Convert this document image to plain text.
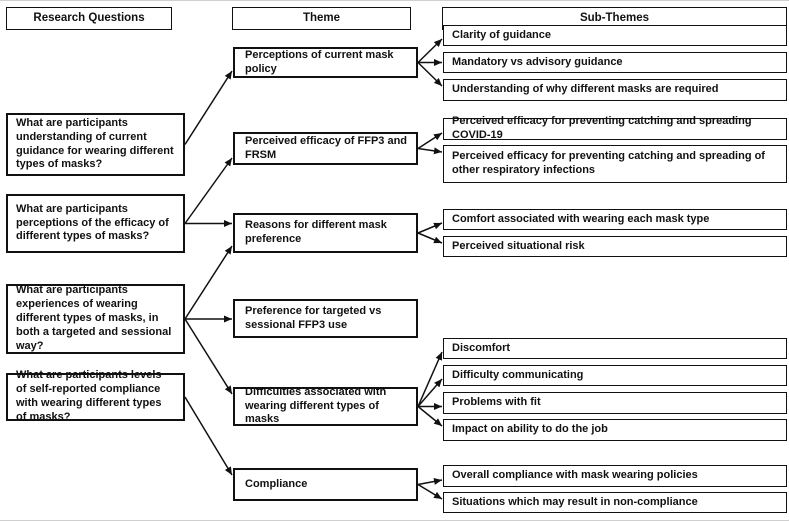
Research Questions	Theme	Sub-Themes
What are participants understanding of current guidance for wearing different types of masks?
What are participants perceptions of the efficacy of different types of masks?
What are participants experiences of wearing different types of masks, in both a targeted and sessional way?
What are participants levels of self-reported compliance with wearing different types of masks?
Perceptions of current mask policy
Perceived efficacy of FFP3 and FRSM
Reasons for different mask preference
Preference for targeted vs sessional FFP3 use
Difficulties associated with wearing different types of masks
Compliance
Clarity of guidance
Mandatory vs advisory guidance
Understanding of why different masks are required
Perceived efficacy for preventing catching and spreading COVID-19
Perceived efficacy for preventing catching and spreading of other respiratory infections
Comfort associated with wearing each mask type
Perceived situational risk
Discomfort
Difficulty communicating
Problems with fit
Impact on ability to do the job
Overall compliance with mask wearing policies
Situations which may result in non-compliance
